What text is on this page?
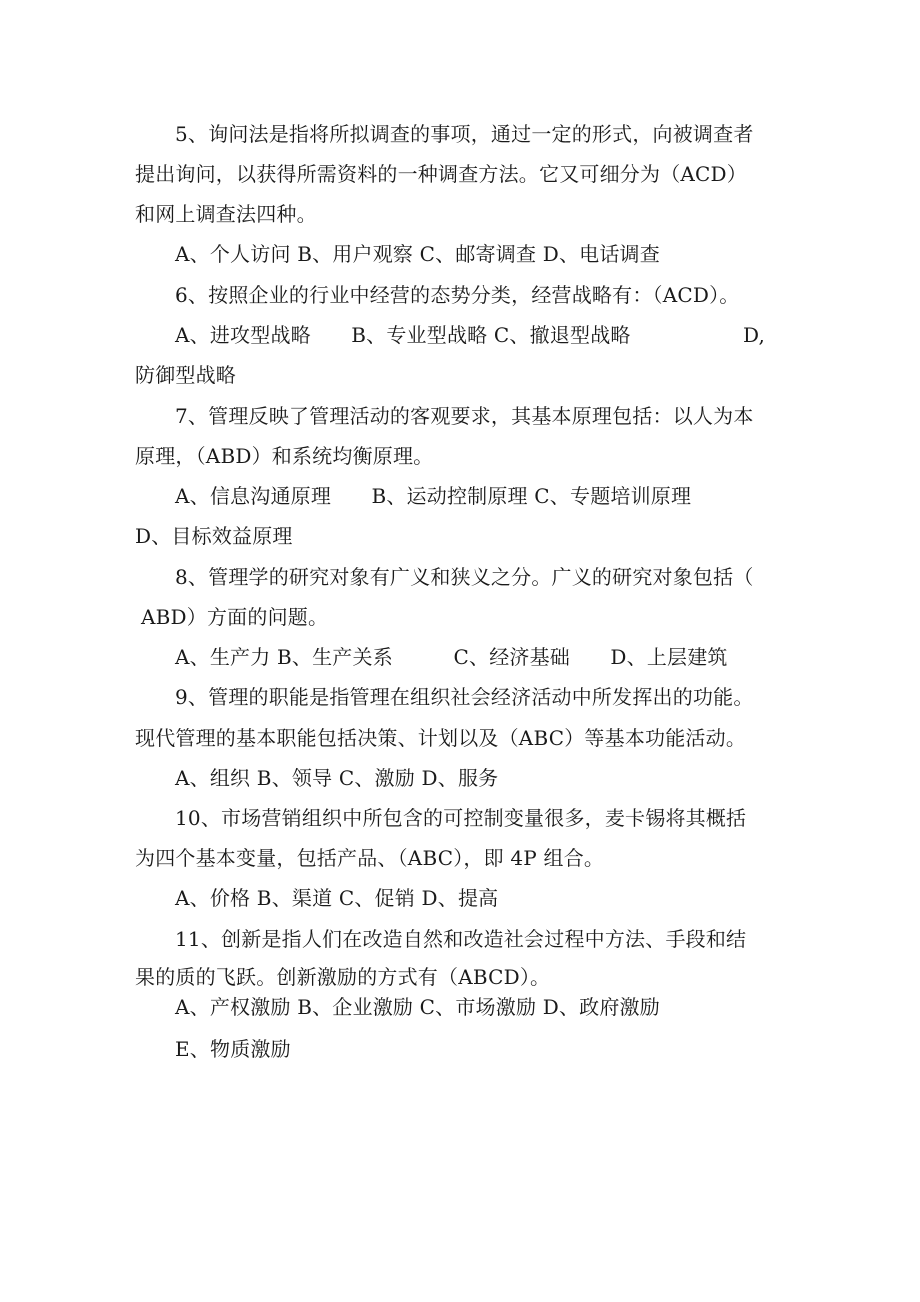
5、询问法是指将所拟调查的事项，通过一定的形式，向被调查者
提出询问，以获得所需资料的一种调查方法。它又可细分为（ACD）
和网上调查法四种。
A、个人访问 B、用户观察 C、邮寄调查 D、电话调查
6、按照企业的行业中经营的态势分类，经营战略有：（ACD）。
A、进攻型战略　　B、专业型战略 C、撤退型战略	D,
防御型战略
7、管理反映了管理活动的客观要求，其基本原理包括：以人为本
原理，（ABD）和系统均衡原理。
A、信息沟通原理　　B、运动控制原理 C、专题培训原理
D、目标效益原理
8、管理学的研究对象有广义和狭义之分。广义的研究对象包括（
ABD）方面的问题。
A、生产力 B、生产关系　　　C、经济基础　　D、上层建筑
9、管理的职能是指管理在组织社会经济活动中所发挥出的功能。
现代管理的基本职能包括决策、计划以及（ABC）等基本功能活动。
A、组织 B、领导 C、激励 D、服务
10、市场营销组织中所包含的可控制变量很多，麦卡锡将其概括
为四个基本变量，包括产品、（ABC），即 4P 组合。
A、价格 B、渠道 C、促销 D、提高
11、创新是指人们在改造自然和改造社会过程中方法、手段和结
果的质的飞跃。创新激励的方式有（ABCD）。
A、产权激励 B、企业激励 C、市场激励 D、政府激励
E、物质激励
